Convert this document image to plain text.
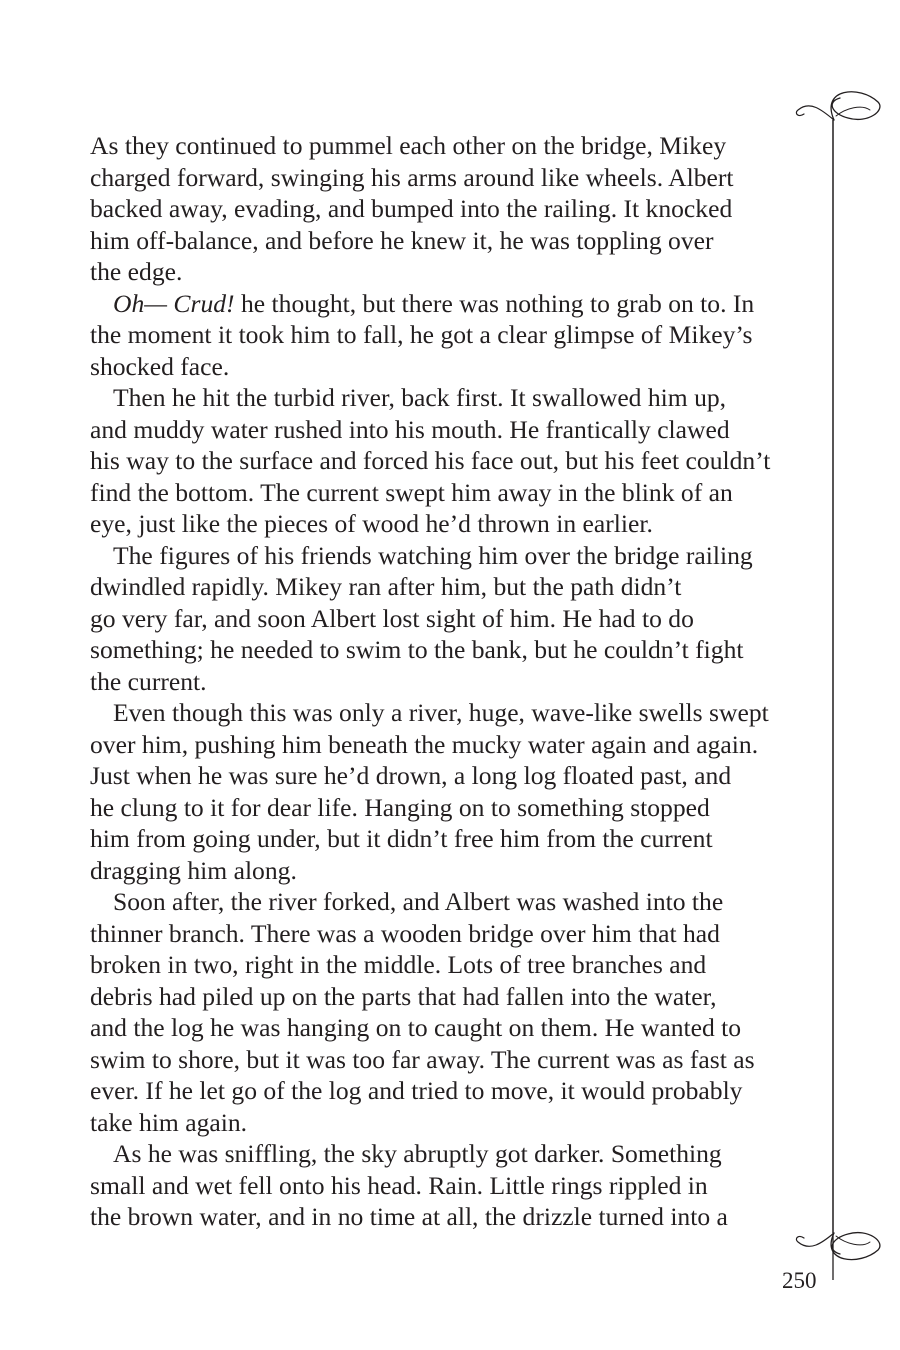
As they continued to pummel each other on the bridge, Mikey
charged forward, swinging his arms around like wheels. Albert
backed away, evading, and bumped into the railing. It knocked
him off-balance, and before he knew it, he was toppling over
the edge.
Oh— Crud! he thought, but there was nothing to grab on to. In
the moment it took him to fall, he got a clear glimpse of Mikey’s
shocked face.
Then he hit the turbid river, back first. It swallowed him up,
and muddy water rushed into his mouth. He frantically clawed
his way to the surface and forced his face out, but his feet couldn’t
find the bottom. The current swept him away in the blink of an
eye, just like the pieces of wood he’d thrown in earlier.
The figures of his friends watching him over the bridge railing
dwindled rapidly. Mikey ran after him, but the path didn’t
go very far, and soon Albert lost sight of him. He had to do
something; he needed to swim to the bank, but he couldn’t fight
the current.
Even though this was only a river, huge, wave-like swells swept
over him, pushing him beneath the mucky water again and again.
Just when he was sure he’d drown, a long log floated past, and
he clung to it for dear life. Hanging on to something stopped
him from going under, but it didn’t free him from the current
dragging him along.
Soon after, the river forked, and Albert was washed into the
thinner branch. There was a wooden bridge over him that had
broken in two, right in the middle. Lots of tree branches and
debris had piled up on the parts that had fallen into the water,
and the log he was hanging on to caught on them. He wanted to
swim to shore, but it was too far away. The current was as fast as
ever. If he let go of the log and tried to move, it would probably
take him again.
As he was sniffling, the sky abruptly got darker. Something
small and wet fell onto his head. Rain. Little rings rippled in
the brown water, and in no time at all, the drizzle turned into a
250
